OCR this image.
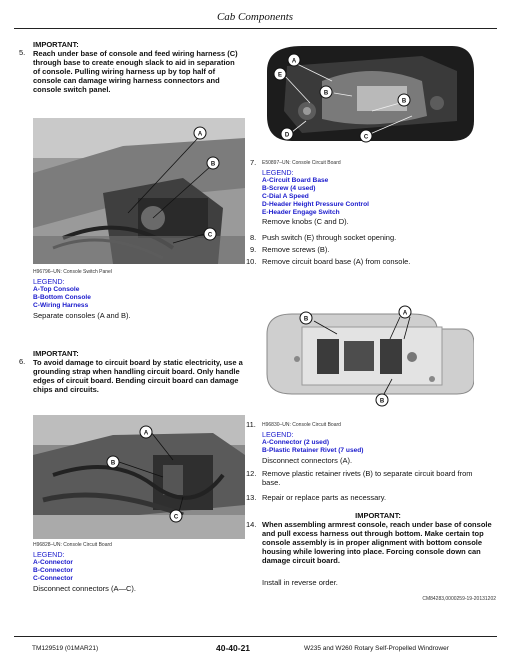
Cab Components
5.
IMPORTANT:
Reach under base of console and feed wiring harness (C) through base to create enough slack to aid in separation of console. Pulling wiring harness up by top half of console can damage wiring harness connectors and console switch panel.
A
B
C
H96796–UN: Console Switch Panel
LEGEND:
A-Top Console
B-Bottom Console
C-Wiring Harness
Separate consoles (A and B).
6.
IMPORTANT:
To avoid damage to circuit board by static electricity, use a grounding strap when handling circuit board. Only handle edges of circuit board. Bending circuit board can damage chips and circuits.
A
B
C
H96828–UN: Console Circuit Board
LEGEND:
A-Connector
B-Connector
C-Connector
Disconnect connectors (A—C).
A
E
B
B
D	C
7. E50897–UN: Console Circuit Board
LEGEND:
A-Circuit Board Base
B-Screw (4 used)
C-Dial A Speed
D-Header Height Pressure Control
E-Header Engage Switch
Remove knobs (C and D).
8. Push switch (E) through socket opening.
9. Remove screws (B).
10. Remove circuit board base (A) from console.
B
A
B
11. H96830–UN: Console Circuit Board
LEGEND:
A-Connector (2 used)
B-Plastic Retainer Rivet (7 used)
Disconnect connectors (A).
12. Remove plastic retainer rivets (B) to separate circuit board from base.
13. Repair or replace parts as necessary.
IMPORTANT:
14. When assembling armrest console, reach under base of console and pull excess harness out through bottom. Make certain top console assembly is in proper alignment with bottom console housing while lowering into place. Forcing console down can damage circuit board.
Install in reverse order.
CM84283,0000259-19-20131202
TM129519 (01MAR21)	40-40-21	W235 and W260 Rotary Self-Propelled Windrower
